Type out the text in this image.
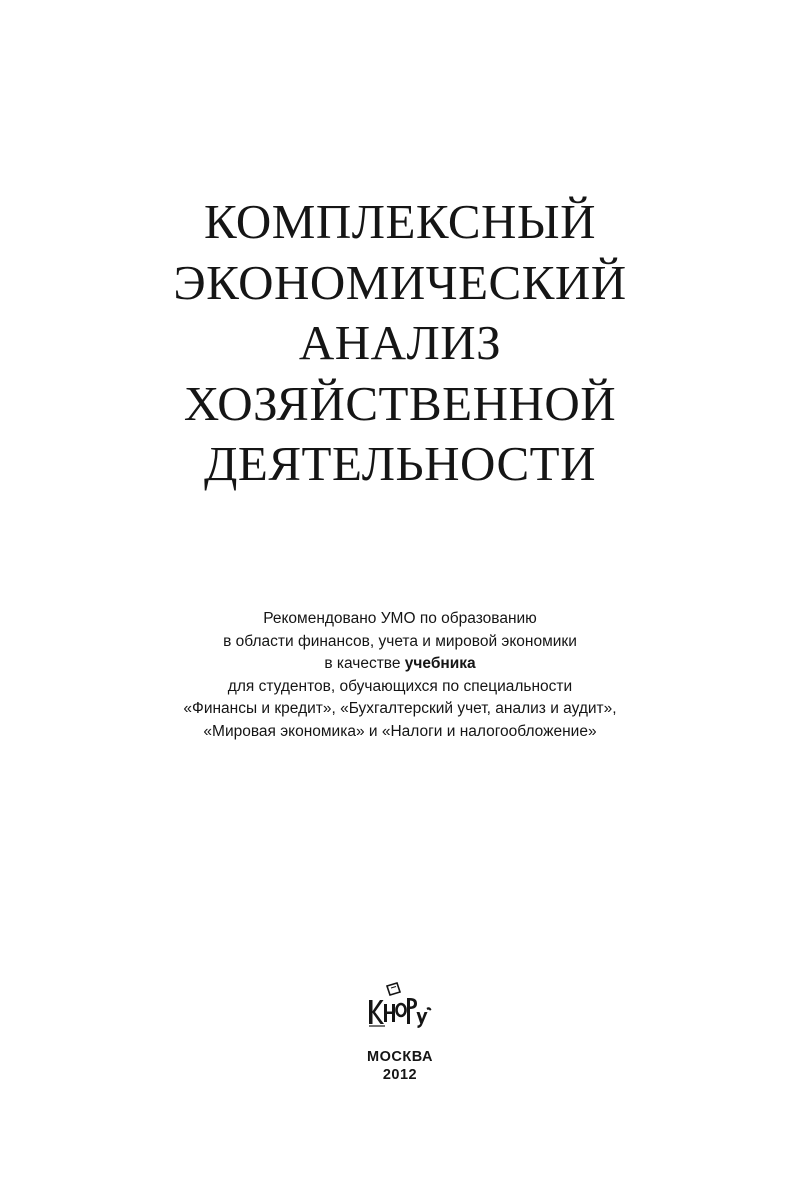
КОМПЛЕКСНЫЙ
ЭКОНОМИЧЕСКИЙ
АНАЛИЗ
ХОЗЯЙСТВЕННОЙ
ДЕЯТЕЛЬНОСТИ
Рекомендовано УМО по образованию
в области финансов, учета и мировой экономики
в качестве учебника
для студентов, обучающихся по специальности
«Финансы и кредит», «Бухгалтерский учет, анализ и аудит»,
«Мировая экономика» и «Налоги и налогообложение»
МОСКВА
2012
